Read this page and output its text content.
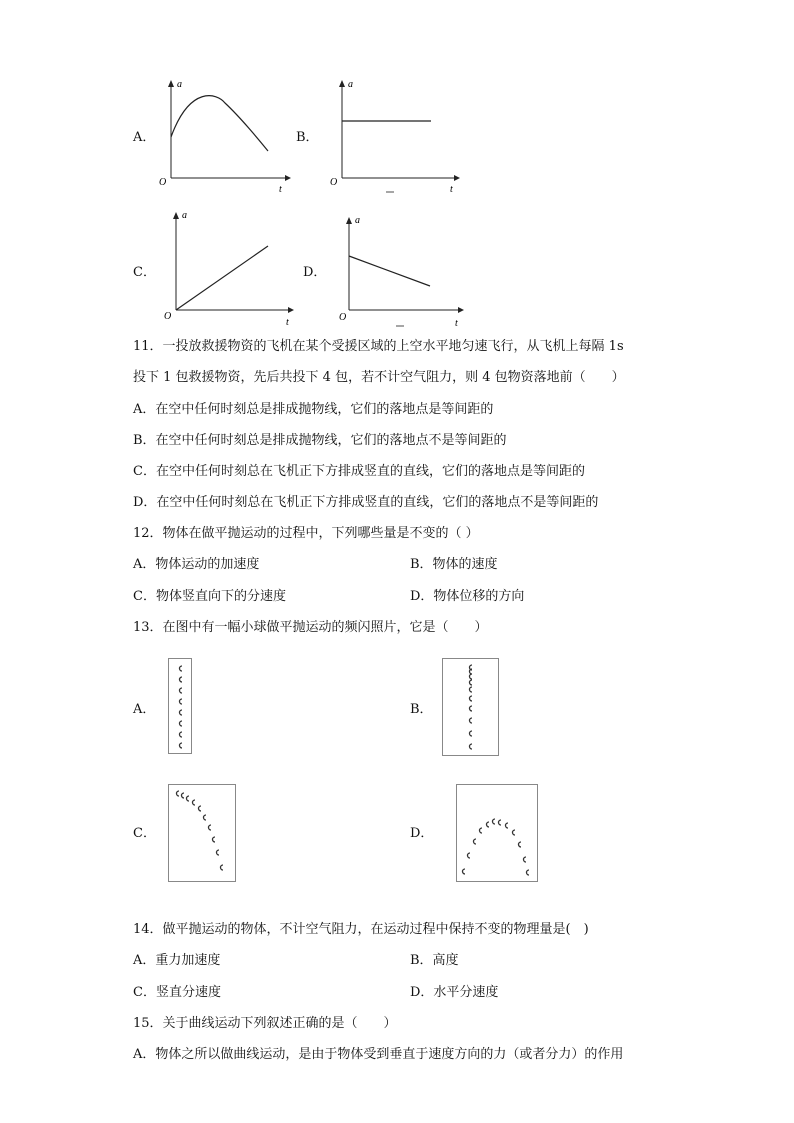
A．
a
t
O
B．
a
t
O
C．
a
t
O
D．
a
t
O
11．一投放救援物资的飞机在某个受援区域的上空水平地匀速飞行，从飞机上每隔 1s
投下 1 包救援物资，先后共投下 4 包，若不计空气阻力，则 4 包物资落地前（　　）
A．在空中任何时刻总是排成抛物线，它们的落地点是等间距的
B．在空中任何时刻总是排成抛物线，它们的落地点不是等间距的
C．在空中任何时刻总在飞机正下方排成竖直的直线，它们的落地点是等间距的
D．在空中任何时刻总在飞机正下方排成竖直的直线，它们的落地点不是等间距的
12．物体在做平抛运动的过程中，下列哪些量是不变的（ ）
A．物体运动的加速度	B．物体的速度
C．物体竖直向下的分速度	D．物体位移的方向
13．在图中有一幅小球做平抛运动的频闪照片，它是（　　）
A．	B．
C．	D．
14．做平抛运动的物体，不计空气阻力，在运动过程中保持不变的物理量是(　)
A．重力加速度	B．高度
C．竖直分速度	D．水平分速度
15．关于曲线运动下列叙述正确的是（　　）
A．物体之所以做曲线运动，是由于物体受到垂直于速度方向的力（或者分力）的作用
